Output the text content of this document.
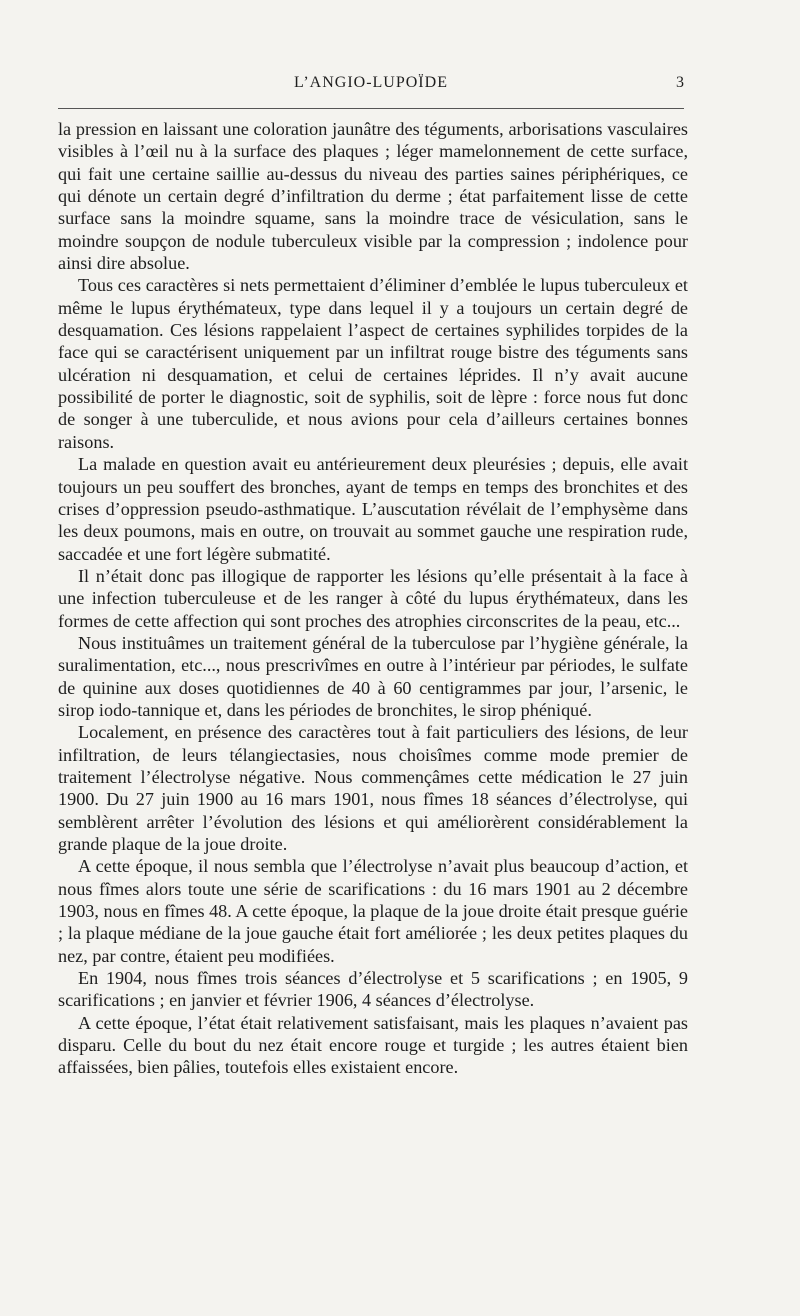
L’ANGIO-LUPOÏDE	3

la pression en laissant une coloration jaunâtre des téguments, arborisations vasculaires visibles à l’œil nu à la surface des plaques ; léger mamelonnement de cette surface, qui fait une certaine saillie au-dessus du niveau des parties saines périphériques, ce qui dénote un certain degré d’infiltration du derme ; état parfaitement lisse de cette surface sans la moindre squame, sans la moindre trace de vésiculation, sans le moindre soupçon de nodule tuberculeux visible par la compression ; indolence pour ainsi dire absolue.

Tous ces caractères si nets permettaient d’éliminer d’emblée le lupus tuberculeux et même le lupus érythémateux, type dans lequel il y a toujours un certain degré de desquamation. Ces lésions rappelaient l’aspect de certaines syphilides torpides de la face qui se caractérisent uniquement par un infiltrat rouge bistre des téguments sans ulcération ni desquamation, et celui de certaines léprides. Il n’y avait aucune possibilité de porter le diagnostic, soit de syphilis, soit de lèpre : force nous fut donc de songer à une tuberculide, et nous avions pour cela d’ailleurs certaines bonnes raisons.

La malade en question avait eu antérieurement deux pleurésies ; depuis, elle avait toujours un peu souffert des bronches, ayant de temps en temps des bronchites et des crises d’oppression pseudo-asthmatique. L’auscutation révélait de l’emphysème dans les deux poumons, mais en outre, on trouvait au sommet gauche une respiration rude, saccadée et une fort légère submatité.

Il n’était donc pas illogique de rapporter les lésions qu’elle présentait à la face à une infection tuberculeuse et de les ranger à côté du lupus érythémateux, dans les formes de cette affection qui sont proches des atrophies circonscrites de la peau, etc...

Nous instituâmes un traitement général de la tuberculose par l’hygiène générale, la suralimentation, etc..., nous prescrivîmes en outre à l’intérieur par périodes, le sulfate de quinine aux doses quotidiennes de 40 à 60 centigrammes par jour, l’arsenic, le sirop iodo-tannique et, dans les périodes de bronchites, le sirop phéniqué.

Localement, en présence des caractères tout à fait particuliers des lésions, de leur infiltration, de leurs télangiectasies, nous choisîmes comme mode premier de traitement l’électrolyse négative. Nous commençâmes cette médication le 27 juin 1900. Du 27 juin 1900 au 16 mars 1901, nous fîmes 18 séances d’électrolyse, qui semblèrent arrêter l’évolution des lésions et qui améliorèrent considérablement la grande plaque de la joue droite.

A cette époque, il nous sembla que l’électrolyse n’avait plus beaucoup d’action, et nous fîmes alors toute une série de scarifications : du 16 mars 1901 au 2 décembre 1903, nous en fîmes 48. A cette époque, la plaque de la joue droite était presque guérie ; la plaque médiane de la joue gauche était fort améliorée ; les deux petites plaques du nez, par contre, étaient peu modifiées.

En 1904, nous fîmes trois séances d’électrolyse et 5 scarifications ; en 1905, 9 scarifications ; en janvier et février 1906, 4 séances d’électrolyse.

A cette époque, l’état était relativement satisfaisant, mais les plaques n’avaient pas disparu. Celle du bout du nez était encore rouge et turgide ; les autres étaient bien affaissées, bien pâlies, toutefois elles existaient encore.
